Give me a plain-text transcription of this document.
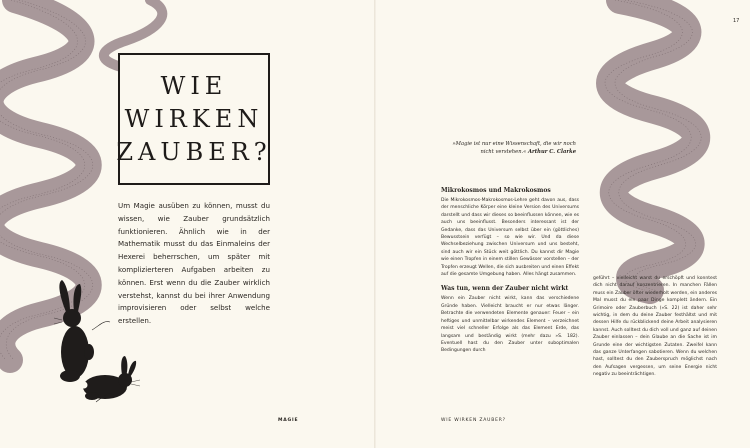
WIE
WIRKEN
ZAUBER?
Um Magie ausüben zu können, musst du wissen, wie Zauber grundsätzlich funktionieren. Ähnlich wie in der Mathematik musst du das Einmaleins der Hexerei beherrschen, um später mit komplizierteren Aufgaben arbeiten zu können. Erst wenn du die Zauber wirklich verstehst, kannst du bei ihrer Anwendung improvisieren oder selbst welche erstellen.
»Magie ist nur eine Wissenschaft, die wir noch nicht verstehen.« Arthur C. Clarke
Mikrokosmos und Makrokosmos

Die Mikrokosmos-Makrokosmos-Lehre geht davon aus, dass der menschliche Körper eine kleine Version des Universums darstellt und dass wir dieses so beeinflussen können, wie es auch uns beeinflusst. Besonders interessant ist der Gedanke, dass das Universum selbst über ein (göttliches) Bewusstsein verfügt – so wie wir. Und da diese Wechselbeziehung zwischen Universum und uns besteht, sind auch wir ein Stück weit göttlich. Du kannst dir Magie wie einen Tropfen in einem stillen Gewässer vorstellen – der Tropfen erzeugt Wellen, die sich ausbreiten und einen Effekt auf die gesamte Umgebung haben. Alles hängt zusammen.

Was tun, wenn der Zauber nicht wirkt

Wenn ein Zauber nicht wirkt, kann das verschiedene Gründe haben. Vielleicht braucht er nur etwas länger. Betrachte die verwendeten Elemente genauer: Feuer – ein heftiges und unmittelbar wirkendes Element – verzeichnet meist viel schneller Erfolge als das Element Erde, das langsam und beständig wirkt (mehr dazu »S. 182). Eventuell hast du den Zauber unter suboptimalen Bedingungen durch

geführt – vielleicht warst du erschöpft und konntest dich nicht darauf konzentrieren. In manchen Fällen muss ein Zauber öfter wiederholt werden, ein anderes Mal musst du ein paar Dinge komplett ändern. Ein Grimoire oder Zauberbuch (»S. 22) ist daher sehr wichtig, in dem du deine Zauber festhältst und mit dessen Hilfe du rückblickend deine Arbeit analysieren kannst. Auch solltest du dich voll und ganz auf deinen Zauber einlassen – dein Glaube an die Sache ist im Grunde eine der wichtigsten Zutaten. Zweifel kann das ganze Unterfangen sabotieren. Wenn du welchen hast, solltest du den Zauberspruch möglichst nach den Aufsagen vergessen, um seine Energie nicht negativ zu beeinträchtigen.

MAGIE	WIE WIRKEN ZAUBER?
17
